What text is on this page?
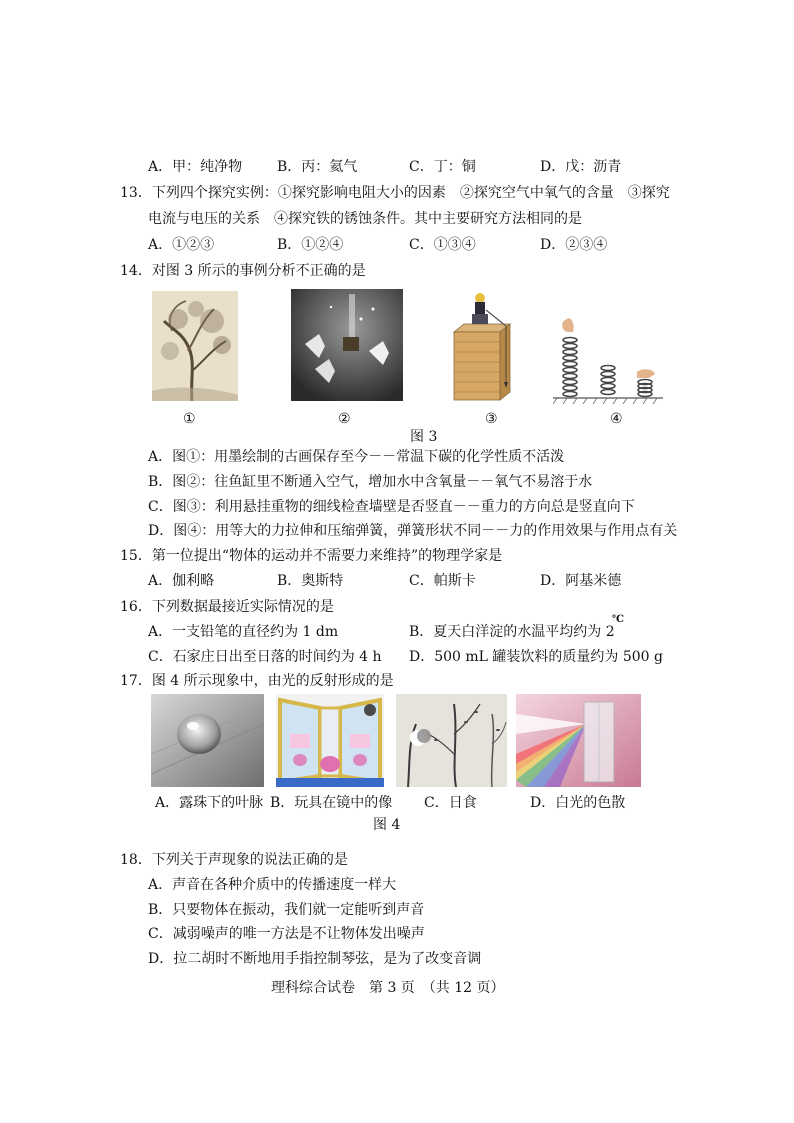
A．甲：纯净物 B．丙：氦气	C．丁：铜	D．戊：沥青
13．下列四个探究实例：①探究影响电阻大小的因素　②探究空气中氧气的含量　③探究
电流与电压的关系　④探究铁的锈蚀条件。其中主要研究方法相同的是
A．①②③	B．①②④	C．①③④	D．②③④
14．对图 3 所示的事例分析不正确的是
①	②	③	④
图 3
A．图①：用墨绘制的古画保存至今－－常温下碳的化学性质不活泼
B．图②：往鱼缸里不断通入空气，增加水中含氧量－－氧气不易溶于水
C．图③：利用悬挂重物的细线检查墙壁是否竖直－－重力的方向总是竖直向下
D．图④：用等大的力拉伸和压缩弹簧，弹簧形状不同－－力的作用效果与作用点有关
15．第一位提出“物体的运动并不需要力来维持”的物理学家是
A．伽利略	B．奥斯特	C．帕斯卡	D．阿基米德
16．下列数据最接近实际情况的是
A．一支铅笔的直径约为 1 dm	B．夏天白洋淀的水温平均约为 2
℃
C．石家庄日出至日落的时间约为 4 h D．500 mL 罐装饮料的质量约为 500 g
17．图 4 所示现象中，由光的反射形成的是
A．露珠下的叶脉 B．玩具在镜中的像 C．日食	D．白光的色散
图 4
18．下列关于声现象的说法正确的是
A．声音在各种介质中的传播速度一样大
B．只要物体在振动，我们就一定能听到声音
C．减弱噪声的唯一方法是不让物体发出噪声
D．拉二胡时不断地用手指控制琴弦，是为了改变音调
理科综合试卷　第 3 页　（共 12 页）
